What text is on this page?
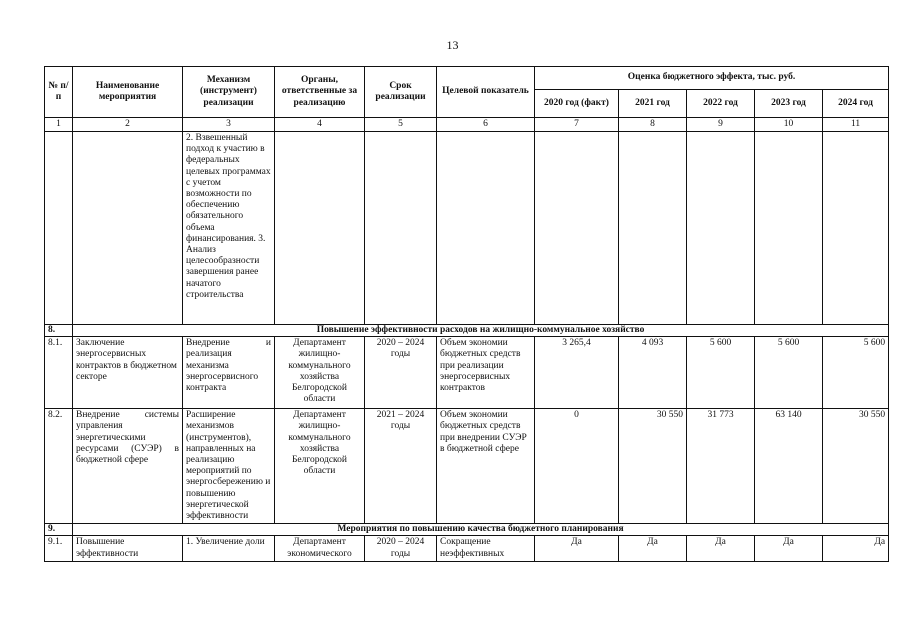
13
№ п/п	Наименование мероприятия	Механизм (инструмент) реализации	Органы, ответственные за реализацию	Срок реализации	Целевой показатель	Оценка бюджетного эффекта, тыс. руб.				
						2020 год (факт)	2021 год	2022 год	2023 год	2024 год
1	2	3	4	5	6	7	8	9	10	11
		2. Взвешенный подход к участию в федеральных целевых программах с учетом возможности по обеспечению обязательного объема финансирования. 3. Анализ целесообразности завершения ранее начатого строительства								
8.	Повышение эффективности расходов на жилищно-коммунальное хозяйство									
8.1.	Заключение энергосервисных контрактов в бюджетном секторе	Внедрение и реализация механизма энергосервисного контракта	Департамент жилищно-коммунального хозяйства Белгородской области	2020 – 2024 годы	Объем экономии бюджетных средств при реализации энергосервисных контрактов	3 265,4	4 093	5 600	5 600	5 600
8.2.	Внедрение системы управления энергетическими ресурсами (СУЭР) в бюджетной сфере	Расширение механизмов (инструментов), направленных на реализацию мероприятий по энергосбережению и повышению энергетической эффективности	Департамент жилищно-коммунального хозяйства Белгородской области	2021 – 2024 годы	Объем экономии бюджетных средств при внедрении СУЭР в бюджетной сфере	0	30 550	31 773	63 140	30 550
9.	Мероприятия по повышению качества бюджетного планирования									
9.1.	Повышение эффективности	1. Увеличение доли	Департамент экономического	2020 – 2024 годы	Сокращение неэффективных	Да	Да	Да	Да	Да
